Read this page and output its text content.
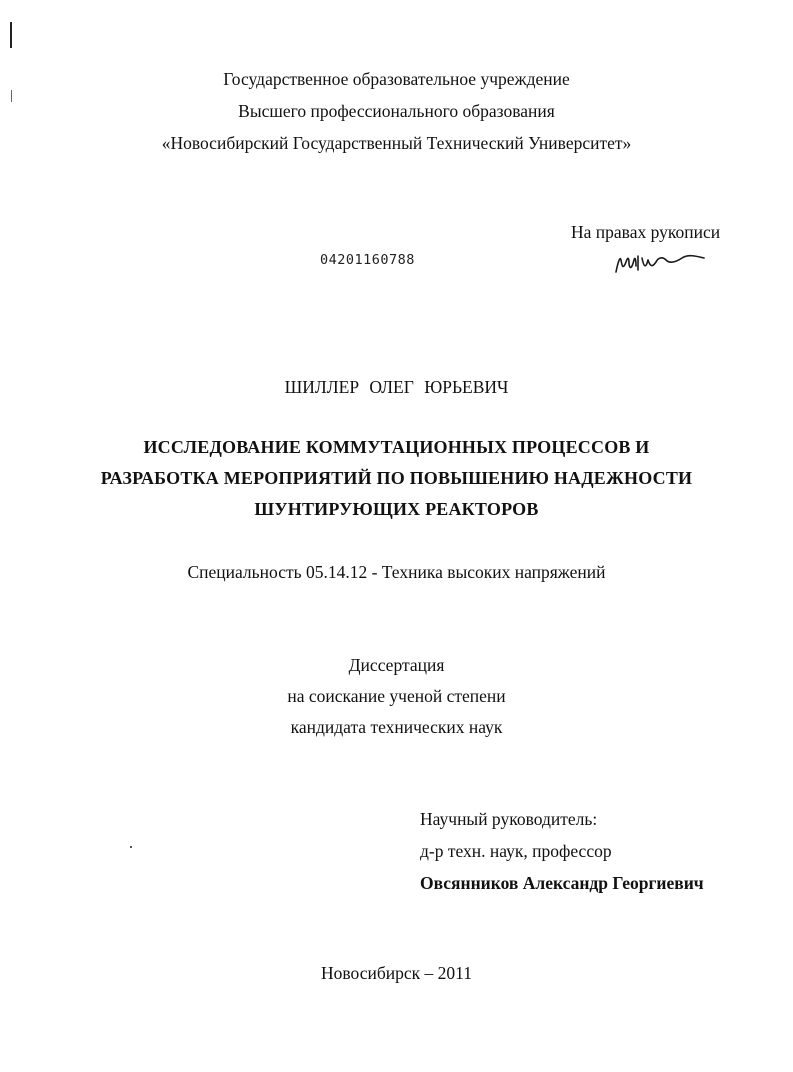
Государственное образовательное учреждение
Высшего профессионального образования
«Новосибирский Государственный Технический Университет»
На правах рукописи
04201160788
ШИЛЛЕР ОЛЕГ ЮРЬЕВИЧ
ИССЛЕДОВАНИЕ КОММУТАЦИОННЫХ ПРОЦЕССОВ И
РАЗРАБОТКА МЕРОПРИЯТИЙ ПО ПОВЫШЕНИЮ НАДЕЖНОСТИ
ШУНТИРУЮЩИХ РЕАКТОРОВ
Специальность 05.14.12 - Техника высоких напряжений
Диссертация
на соискание ученой степени
кандидата технических наук
Научный руководитель:
д-р техн. наук, профессор
Овсянников Александр Георгиевич
Новосибирск – 2011
